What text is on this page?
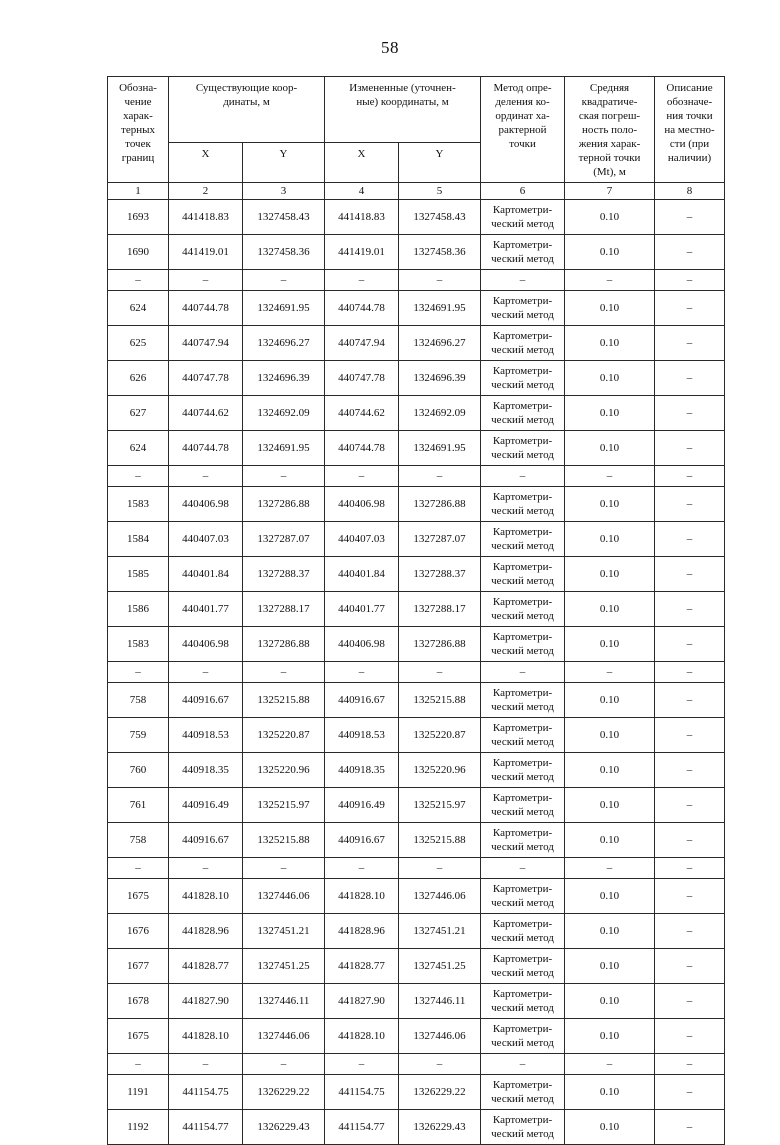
58
Обозна-
чение
харак-
терных
точек
границ	Существующие коор-
динаты, м	Измененные (уточнен-
ные) координаты, м	Метод опре-
деления ко-
ординат ха-
рактерной
точки	Средняя
квадратиче-
ская погреш-
ность поло-
жения харак-
терной точки
(Mt), м	Описание
обозначе-
ния точки
на местно-
сти (при
наличии)
	X	Y	X	Y			
1	2	3	4	5	6	7	8
1693	441418.83	1327458.43	441418.83	1327458.43	Картометри-
ческий метод	0.10	–
1690	441419.01	1327458.36	441419.01	1327458.36	Картометри-
ческий метод	0.10	–
–	–	–	–	–	–	–	–
624	440744.78	1324691.95	440744.78	1324691.95	Картометри-
ческий метод	0.10	–
625	440747.94	1324696.27	440747.94	1324696.27	Картометри-
ческий метод	0.10	–
626	440747.78	1324696.39	440747.78	1324696.39	Картометри-
ческий метод	0.10	–
627	440744.62	1324692.09	440744.62	1324692.09	Картометри-
ческий метод	0.10	–
624	440744.78	1324691.95	440744.78	1324691.95	Картометри-
ческий метод	0.10	–
–	–	–	–	–	–	–	–
1583	440406.98	1327286.88	440406.98	1327286.88	Картометри-
ческий метод	0.10	–
1584	440407.03	1327287.07	440407.03	1327287.07	Картометри-
ческий метод	0.10	–
1585	440401.84	1327288.37	440401.84	1327288.37	Картометри-
ческий метод	0.10	–
1586	440401.77	1327288.17	440401.77	1327288.17	Картометри-
ческий метод	0.10	–
1583	440406.98	1327286.88	440406.98	1327286.88	Картометри-
ческий метод	0.10	–
–	–	–	–	–	–	–	–
758	440916.67	1325215.88	440916.67	1325215.88	Картометри-
ческий метод	0.10	–
759	440918.53	1325220.87	440918.53	1325220.87	Картометри-
ческий метод	0.10	–
760	440918.35	1325220.96	440918.35	1325220.96	Картометри-
ческий метод	0.10	–
761	440916.49	1325215.97	440916.49	1325215.97	Картометри-
ческий метод	0.10	–
758	440916.67	1325215.88	440916.67	1325215.88	Картометри-
ческий метод	0.10	–
–	–	–	–	–	–	–	–
1675	441828.10	1327446.06	441828.10	1327446.06	Картометри-
ческий метод	0.10	–
1676	441828.96	1327451.21	441828.96	1327451.21	Картометри-
ческий метод	0.10	–
1677	441828.77	1327451.25	441828.77	1327451.25	Картометри-
ческий метод	0.10	–
1678	441827.90	1327446.11	441827.90	1327446.11	Картометри-
ческий метод	0.10	–
1675	441828.10	1327446.06	441828.10	1327446.06	Картометри-
ческий метод	0.10	–
–	–	–	–	–	–	–	–
1191	441154.75	1326229.22	441154.75	1326229.22	Картометри-
ческий метод	0.10	–
1192	441154.77	1326229.43	441154.77	1326229.43	Картометри-
ческий метод	0.10	–
